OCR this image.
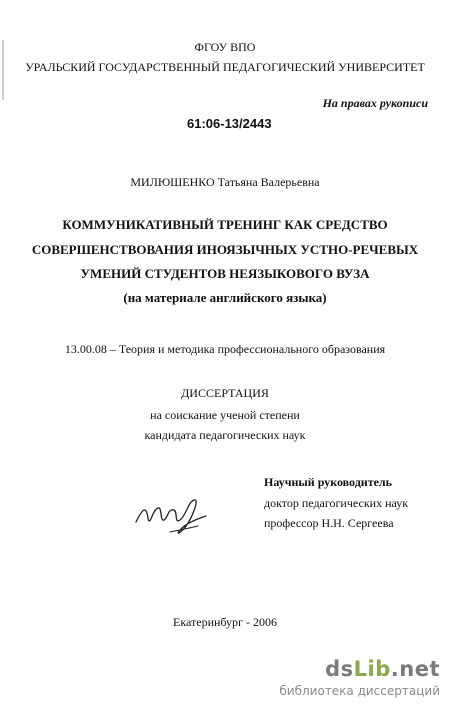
ФГОУ ВПО
УРАЛЬСКИЙ ГОСУДАРСТВЕННЫЙ ПЕДАГОГИЧЕСКИЙ УНИВЕРСИТЕТ
На правах рукописи
61:06-13/2443
МИЛЮШЕНКО Татьяна Валерьевна
КОММУНИКАТИВНЫЙ ТРЕНИНГ КАК СРЕДСТВО
СОВЕРШЕНСТВОВАНИЯ ИНОЯЗЫЧНЫХ УСТНО-РЕЧЕВЫХ
УМЕНИЙ СТУДЕНТОВ НЕЯЗЫКОВОГО ВУЗА
(на материале английского языка)
13.00.08 – Теория и методика профессионального образования
ДИССЕРТАЦИЯ
на соискание ученой степени
кандидата педагогических наук
Научный руководитель
доктор педагогических наук
профессор Н.Н. Сергеева
Екатеринбург - 2006
dsLib.net
библиотека диссертаций
